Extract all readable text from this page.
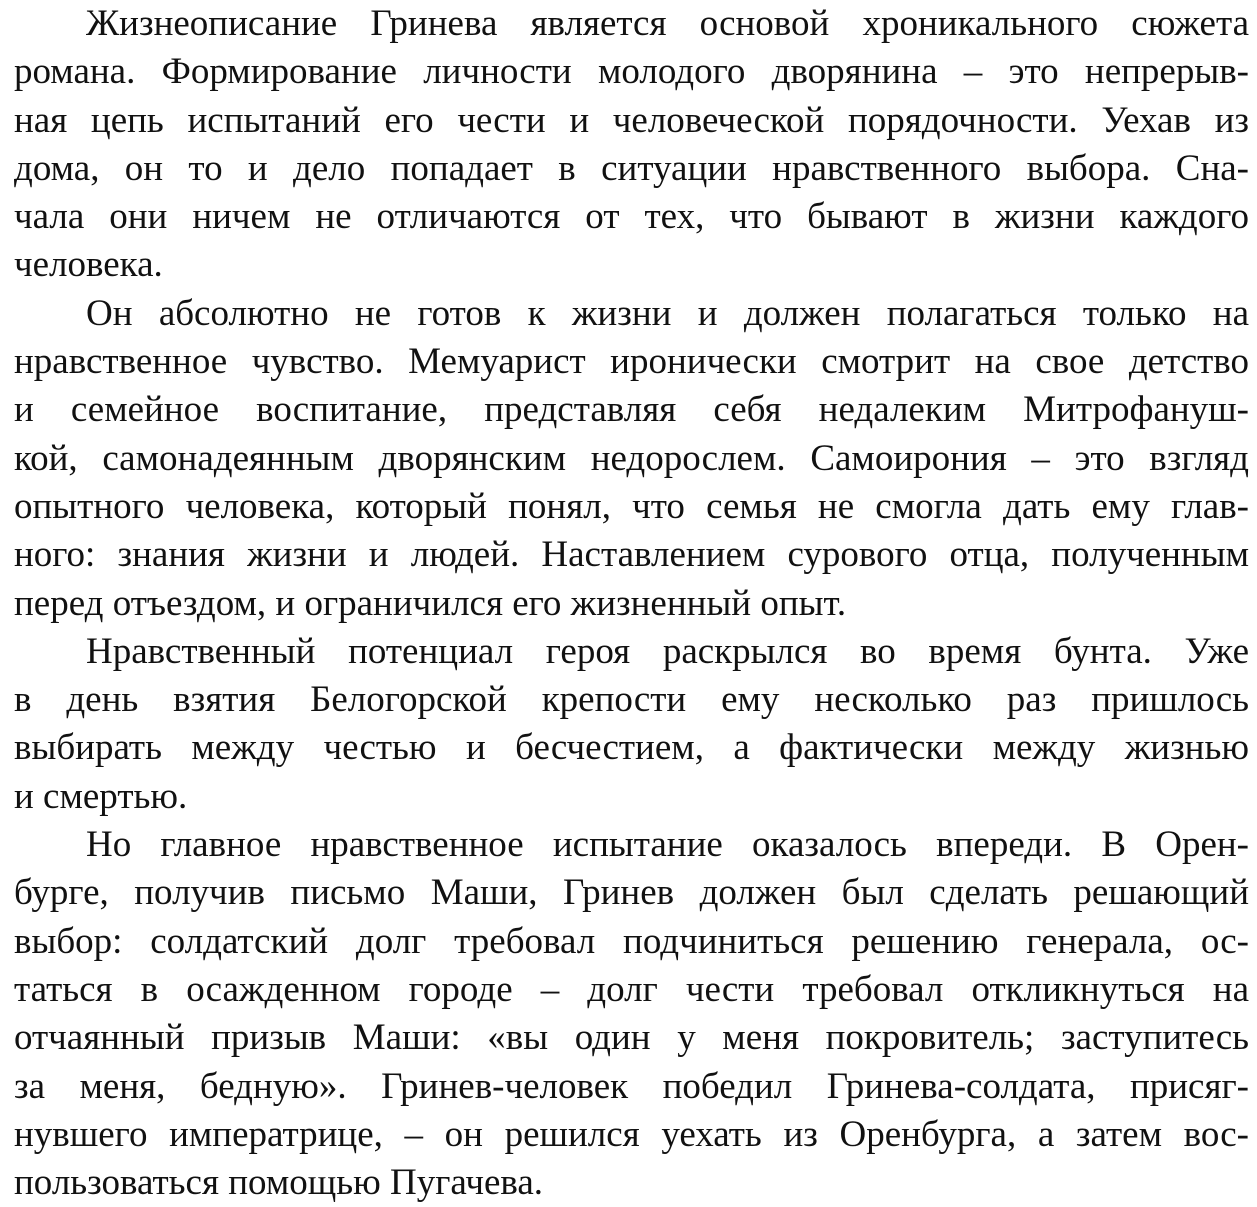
Жизнеописание Гринева является основой хроникального сюжета
романа. Формирование личности молодого дворянина – это непрерыв-
ная цепь испытаний его чести и человеческой порядочности. Уехав из
дома, он то и дело попадает в ситуации нравственного выбора. Сна-
чала они ничем не отличаются от тех, что бывают в жизни каждого
человека.
Он абсолютно не готов к жизни и должен полагаться только на
нравственное чувство. Мемуарист иронически смотрит на свое детство
и семейное воспитание, представляя себя недалеким Митрофануш-
кой, самонадеянным дворянским недорослем. Самоирония – это взгляд
опытного человека, который понял, что семья не смогла дать ему глав-
ного: знания жизни и людей. Наставлением сурового отца, полученным
перед отъездом, и ограничился его жизненный опыт.
Нравственный потенциал героя раскрылся во время бунта. Уже
в день взятия Белогорской крепости ему несколько раз пришлось
выбирать между честью и бесчестием, а фактически между жизнью
и смертью.
Но главное нравственное испытание оказалось впереди. В Орен-
бурге, получив письмо Маши, Гринев должен был сделать решающий
выбор: солдатский долг требовал подчиниться решению генерала, ос-
таться в осажденном городе – долг чести требовал откликнуться на
отчаянный призыв Маши: «вы один у меня покровитель; заступитесь
за меня, бедную». Гринев-человек победил Гринева-солдата, присяг-
нувшего императрице, – он решился уехать из Оренбурга, а затем вос-
пользоваться помощью Пугачева.
